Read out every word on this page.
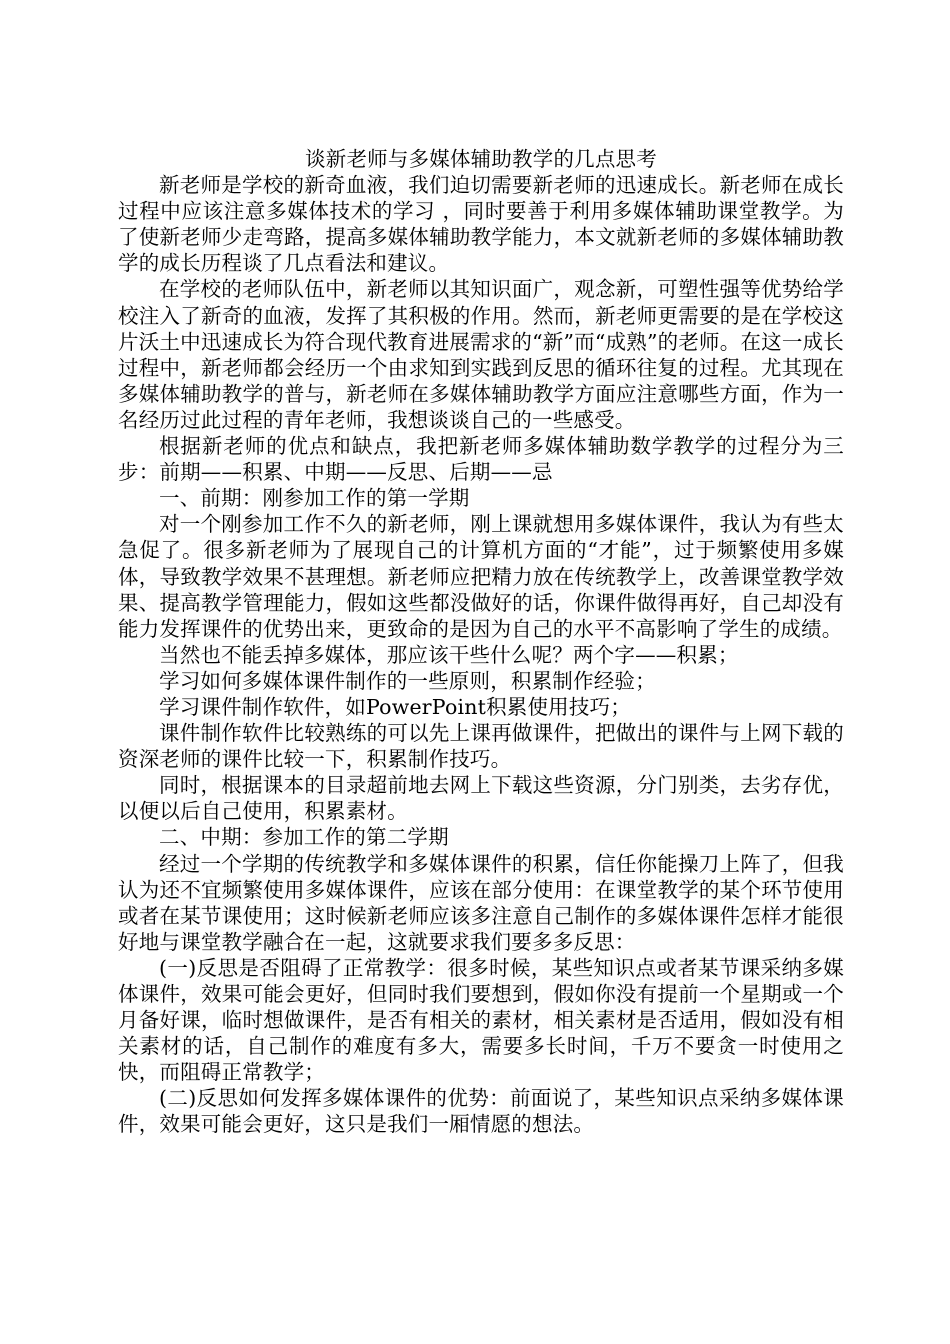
谈新老师与多媒体辅助教学的几点思考

新老师是学校的新奇血液，我们迫切需要新老师的迅速成长。新老师在成长过程中应该注意多媒体技术的学习 ，同时要善于利用多媒体辅助课堂教学。为了使新老师少走弯路，提高多媒体辅助教学能力，本文就新老师的多媒体辅助教学的成长历程谈了几点看法和建议。

在学校的老师队伍中，新老师以其知识面广，观念新，可塑性强等优势给学校注入了新奇的血液，发挥了其积极的作用。然而，新老师更需要的是在学校这片沃土中迅速成长为符合现代教育进展需求的“新”而“成熟”的老师。在这一成长过程中，新老师都会经历一个由求知到实践到反思的循环往复的过程。尤其现在多媒体辅助教学的普与，新老师在多媒体辅助教学方面应注意哪些方面，作为一名经历过此过程的青年老师，我想谈谈自己的一些感受。

根据新老师的优点和缺点，我把新老师多媒体辅助数学教学的过程分为三步：前期——积累、中期——反思、后期——忌

一、前期：刚参加工作的第一学期

对一个刚参加工作不久的新老师，刚上课就想用多媒体课件，我认为有些太急促了。很多新老师为了展现自己的计算机方面的“才能”，过于频繁使用多媒体，导致教学效果不甚理想。新老师应把精力放在传统教学上，改善课堂教学效果、提高教学管理能力，假如这些都没做好的话，你课件做得再好，自己却没有能力发挥课件的优势出来，更致命的是因为自己的水平不高影响了学生的成绩。

当然也不能丢掉多媒体，那应该干些什么呢？两个字——积累；

学习如何多媒体课件制作的一些原则，积累制作经验；

学习课件制作软件，如PowerPoint积累使用技巧；

课件制作软件比较熟练的可以先上课再做课件，把做出的课件与上网下载的资深老师的课件比较一下，积累制作技巧。

同时，根据课本的目录超前地去网上下载这些资源，分门别类，去劣存优，以便以后自己使用，积累素材。

二、中期：参加工作的第二学期

经过一个学期的传统教学和多媒体课件的积累，信任你能操刀上阵了，但我认为还不宜频繁使用多媒体课件，应该在部分使用：在课堂教学的某个环节使用或者在某节课使用；这时候新老师应该多注意自己制作的多媒体课件怎样才能很好地与课堂教学融合在一起，这就要求我们要多多反思：

(一)反思是否阻碍了正常教学：很多时候，某些知识点或者某节课采纳多媒体课件，效果可能会更好，但同时我们要想到，假如你没有提前一个星期或一个月备好课，临时想做课件，是否有相关的素材，相关素材是否适用，假如没有相关素材的话，自己制作的难度有多大，需要多长时间，千万不要贪一时使用之快，而阻碍正常教学；

(二)反思如何发挥多媒体课件的优势：前面说了，某些知识点采纳多媒体课件，效果可能会更好，这只是我们一厢情愿的想法。
